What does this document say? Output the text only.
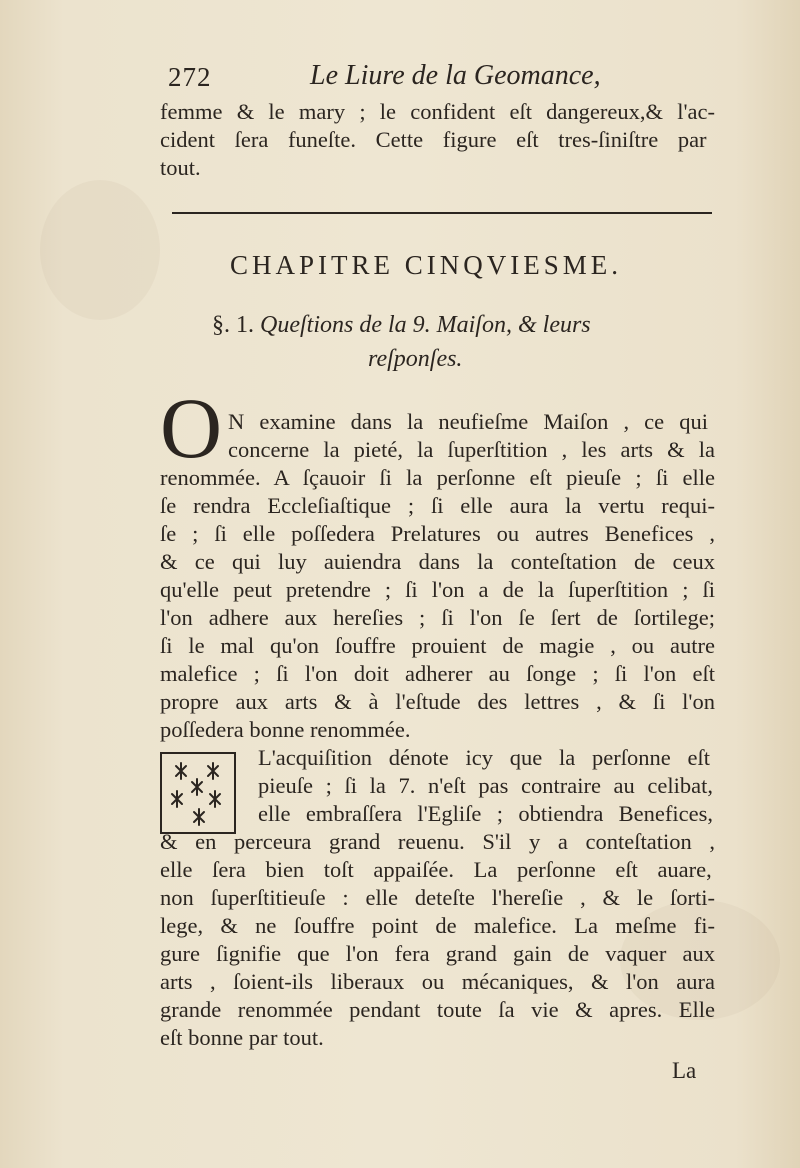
272	Le Liure de la Geomance,
femme & le mary ; le confident eſt dangereux,& l'ac-
cident ſera funeſte. Cette figure eſt tres-ſiniſtre par
tout.
CHAPITRE CINQVIESME.
§. 1. Queſtions de la 9. Maiſon, & leurs
reſponſes.
O N examine dans la neufieſme Maiſon , ce qui
concerne la pieté, la ſuperſtition , les arts & la
renommée. A ſçauoir ſi la perſonne eſt pieuſe ; ſi elle
ſe rendra Eccleſiaſtique ; ſi elle aura la vertu requi-
ſe ; ſi elle poſſedera Prelatures ou autres Benefices ,
& ce qui luy auiendra dans la conteſtation de ceux
qu'elle peut pretendre ; ſi l'on a de la ſuperſtition ; ſi
l'on adhere aux hereſies ; ſi l'on ſe ſert de ſortilege;
ſi le mal qu'on ſouffre prouient de magie , ou autre
malefice ; ſi l'on doit adherer au ſonge ; ſi l'on eſt
propre aux arts & à l'eſtude des lettres , & ſi l'on
poſſedera bonne renommée.
L'acquiſition dénote icy que la perſonne eſt
pieuſe ; ſi la 7. n'eſt pas contraire au celibat,
elle embraſſera l'Egliſe ; obtiendra Benefices,
& en perceura grand reuenu. S'il y a conteſtation ,
elle ſera bien toſt appaiſée. La perſonne eſt auare,
non ſuperſtitieuſe : elle deteſte l'hereſie , & le ſorti-
lege, & ne ſouffre point de malefice. La meſme fi-
gure ſignifie que l'on fera grand gain de vaquer aux
arts , ſoient-ils liberaux ou mécaniques, & l'on aura
grande renommée pendant toute ſa vie & apres. Elle
eſt bonne par tout.
La
